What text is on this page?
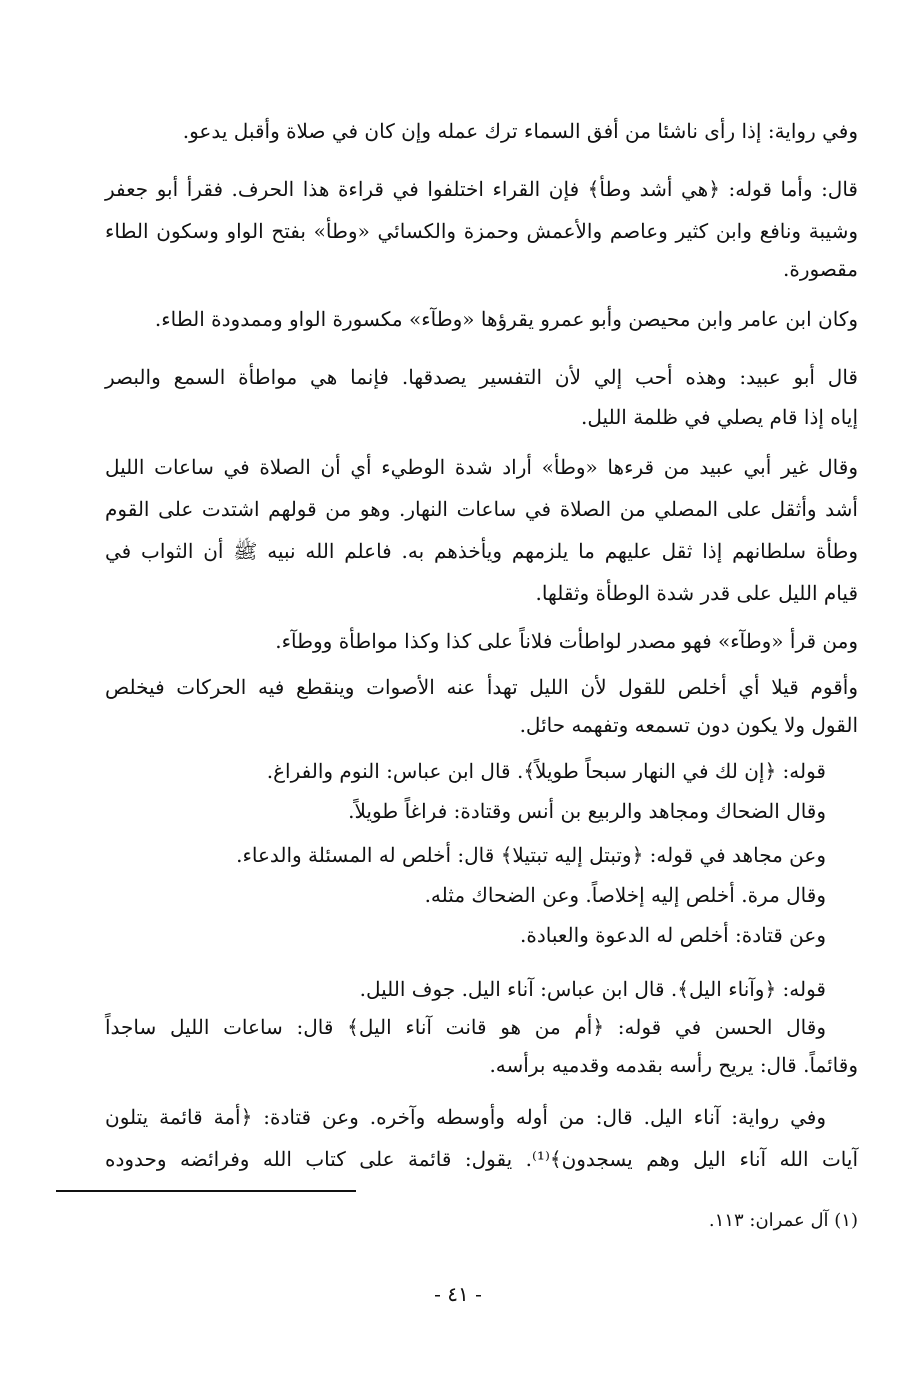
وفي رواية: إذا رأى ناشئا من أفق السماء ترك عمله وإن كان في صلاة وأقبل يدعو.
قال: وأما قوله: ﴿هي أشد وطأ﴾ فإن القراء اختلفوا في قراءة هذا الحرف. فقرأ أبو جعفر
وشيبة ونافع وابن كثير وعاصم والأعمش وحمزة والكسائي «وطأ» بفتح الواو وسكون الطاء
مقصورة.
وكان ابن عامر وابن محيصن وأبو عمرو يقرؤها «وطآء» مكسورة الواو وممدودة الطاء.
قال أبو عبيد: وهذه أحب إلي لأن التفسير يصدقها. فإنما هي مواطأة السمع والبصر
إياه إذا قام يصلي في ظلمة الليل.
وقال غير أبي عبيد من قرءها «وطأ» أراد شدة الوطيء أي أن الصلاة في ساعات الليل
أشد وأثقل على المصلي من الصلاة في ساعات النهار. وهو من قولهم اشتدت على القوم
وطأة سلطانهم إذا ثقل عليهم ما يلزمهم ويأخذهم به. فاعلم الله نبيه ﷺ أن الثواب في
قيام الليل على قدر شدة الوطأة وثقلها.
ومن قرأ «وطآء» فهو مصدر لواطأت فلاناً على كذا وكذا مواطأة ووطآء.
وأقوم قيلا أي أخلص للقول لأن الليل تهدأ عنه الأصوات وينقطع فيه الحركات فيخلص
القول ولا يكون دون تسمعه وتفهمه حائل.
قوله: ﴿إن لك في النهار سبحاً طويلاً﴾. قال ابن عباس: النوم والفراغ.
وقال الضحاك ومجاهد والربيع بن أنس وقتادة: فراغاً طويلاً.
وعن مجاهد في قوله: ﴿وتبتل إليه تبتيلا﴾ قال: أخلص له المسئلة والدعاء.
وقال مرة. أخلص إليه إخلاصاً. وعن الضحاك مثله.
وعن قتادة: أخلص له الدعوة والعبادة.
قوله: ﴿وآناء اليل﴾. قال ابن عباس: آناء اليل. جوف الليل.
وقال الحسن في قوله: ﴿أم من هو قانت آناء اليل﴾ قال: ساعات الليل ساجداً
وقائماً. قال: يريح رأسه بقدمه وقدميه برأسه.
وفي رواية: آناء اليل. قال: من أوله وأوسطه وآخره. وعن قتادة: ﴿أمة قائمة يتلون
آيات الله آناء اليل وهم يسجدون﴾⁽¹⁾. يقول: قائمة على كتاب الله وفرائضه وحدوده
(١) آل عمران: ١١٣.
- ٤١ -
